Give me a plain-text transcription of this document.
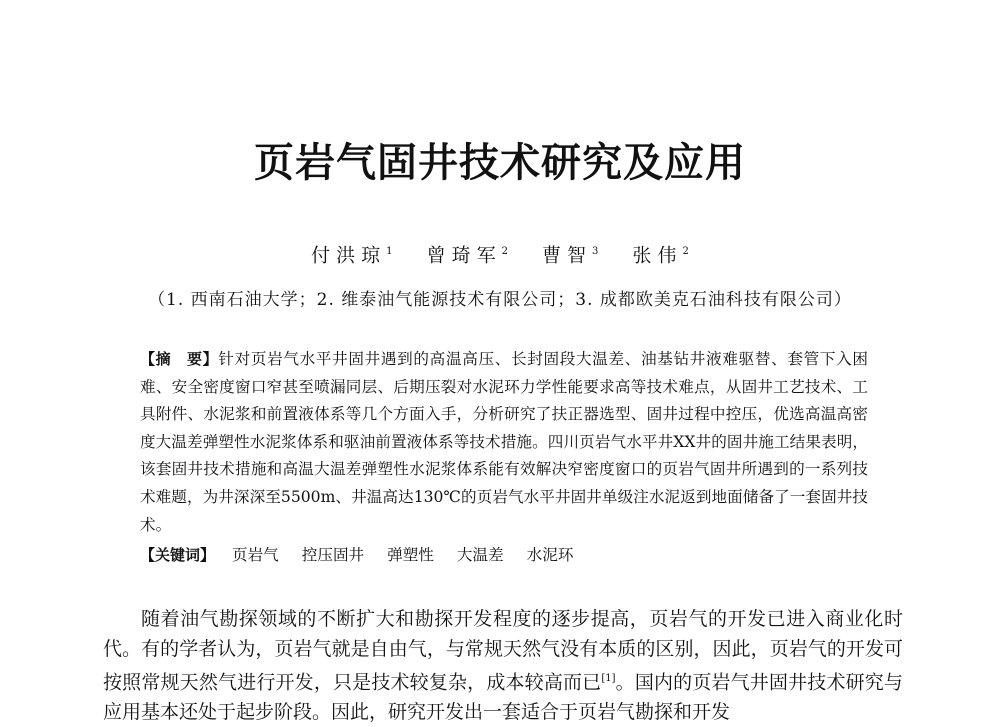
页岩气固井技术研究及应用
付洪琼$^1$ 曾琦军$^2$ 曹智$^3$ 张伟$^2$
（1. 西南石油大学；2. 维泰油气能源技术有限公司；3. 成都欧美克石油科技有限公司）
【摘　要】针对页岩气水平井固井遇到的高温高压、长封固段大温差、油基钻井液难驱替、套管下入困难、安全密度窗口窄甚至喷漏同层、后期压裂对水泥环力学性能要求高等技术难点，从固井工艺技术、工具附件、水泥浆和前置液体系等几个方面入手，分析研究了扶正器选型、固井过程中控压，优选高温高密度大温差弹塑性水泥浆体系和驱油前置液体系等技术措施。四川页岩气水平井XX井的固井施工结果表明，该套固井技术措施和高温大温差弹塑性水泥浆体系能有效解决窄密度窗口的页岩气固井所遇到的一系列技术难题，为井深深至5500m、井温高达130℃的页岩气水平井固井单级注水泥返到地面储备了一套固井技术。
【关键词】 页岩气 控压固井 弹塑性 大温差 水泥环
随着油气勘探领域的不断扩大和勘探开发程度的逐步提高，页岩气的开发已进入商业化时代。有的学者认为，页岩气就是自由气，与常规天然气没有本质的区别，因此，页岩气的开发可按照常规天然气进行开发，只是技术较复杂，成本较高而已[1]。国内的页岩气井固井技术研究与应用基本还处于起步阶段。因此，研究开发出一套适合于页岩气勘探和开发
